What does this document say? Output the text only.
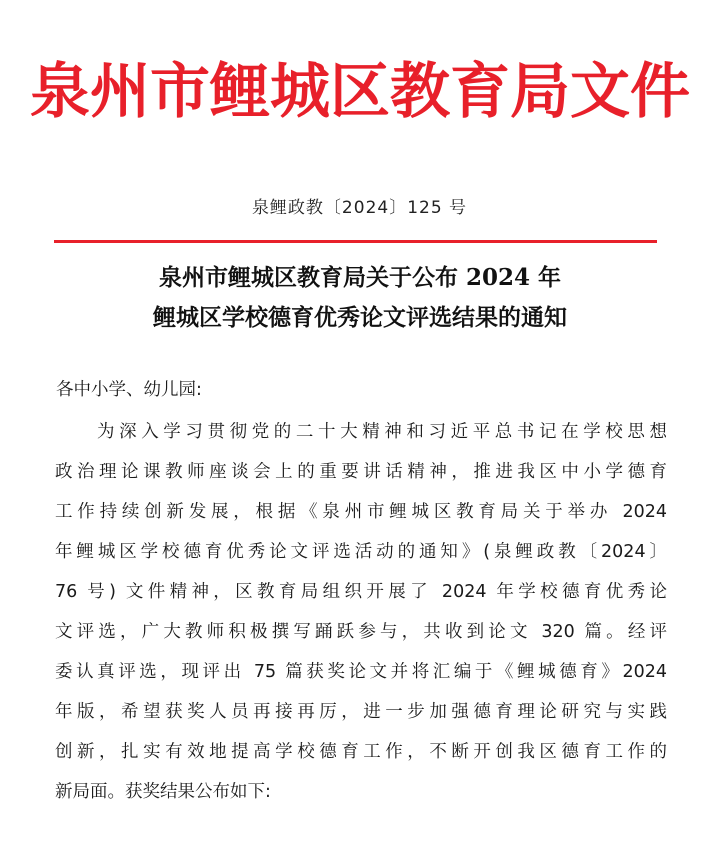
泉州市鲤城区教育局文件
泉鲤政教〔2024〕125 号
泉州市鲤城区教育局关于公布 2024 年
鲤城区学校德育优秀论文评选结果的通知
各中小学、幼儿园:
为深入学习贯彻党的二十大精神和习近平总书记在学校思想
政治理论课教师座谈会上的重要讲话精神，推进我区中小学德育
工作持续创新发展，根据《泉州市鲤城区教育局关于举办 2024
年鲤城区学校德育优秀论文评选活动的通知》(泉鲤政教〔2024〕
76 号) 文件精神，区教育局组织开展了 2024 年学校德育优秀论
文评选，广大教师积极撰写踊跃参与，共收到论文 320 篇。经评
委认真评选，现评出 75 篇获奖论文并将汇编于《鲤城德育》2024
年版，希望获奖人员再接再厉，进一步加强德育理论研究与实践
创新，扎实有效地提高学校德育工作，不断开创我区德育工作的
新局面。获奖结果公布如下:
